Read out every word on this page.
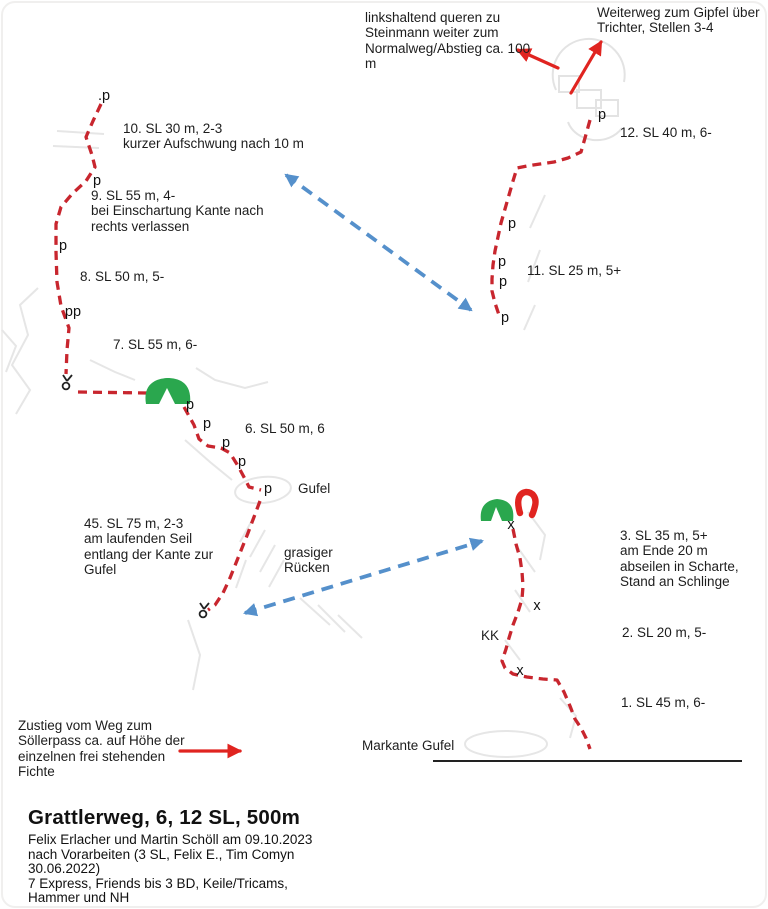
linkshaltend queren zu
Steinmann weiter zum
Normalweg/Abstieg ca. 100
m
Weiterweg zum Gipfel über
Trichter, Stellen 3-4
12. SL 40 m, 6-
11. SL 25 m, 5+
10. SL 30 m, 2-3
kurzer Aufschwung nach 10 m
9. SL 55 m, 4-
bei Einschartung Kante nach
rechts verlassen
8. SL 50 m, 5-
7. SL 55 m, 6-
6. SL 50 m, 6
45. SL 75 m, 2-3
am laufenden Seil
entlang der Kante zur
Gufel
3. SL 35 m, 5+
am Ende 20 m
abseilen in Scharte,
Stand an Schlinge
2. SL 20 m, 5-
1. SL 45 m, 6-
Gufel
grasiger
Rücken
KK
Markante Gufel
Zustieg vom Weg zum
Söllerpass ca. auf Höhe der
einzelnen frei stehenden
Fichte
.p
p
p
pp
p
p
p
p
p
p
p
p
p
p
x
x
x
Grattlerweg, 6, 12 SL, 500m
Felix Erlacher und Martin Schöll am 09.10.2023
nach Vorarbeiten (3 SL, Felix E., Tim Comyn
30.06.2022)
7 Express, Friends bis 3 BD, Keile/Tricams,
Hammer und NH
